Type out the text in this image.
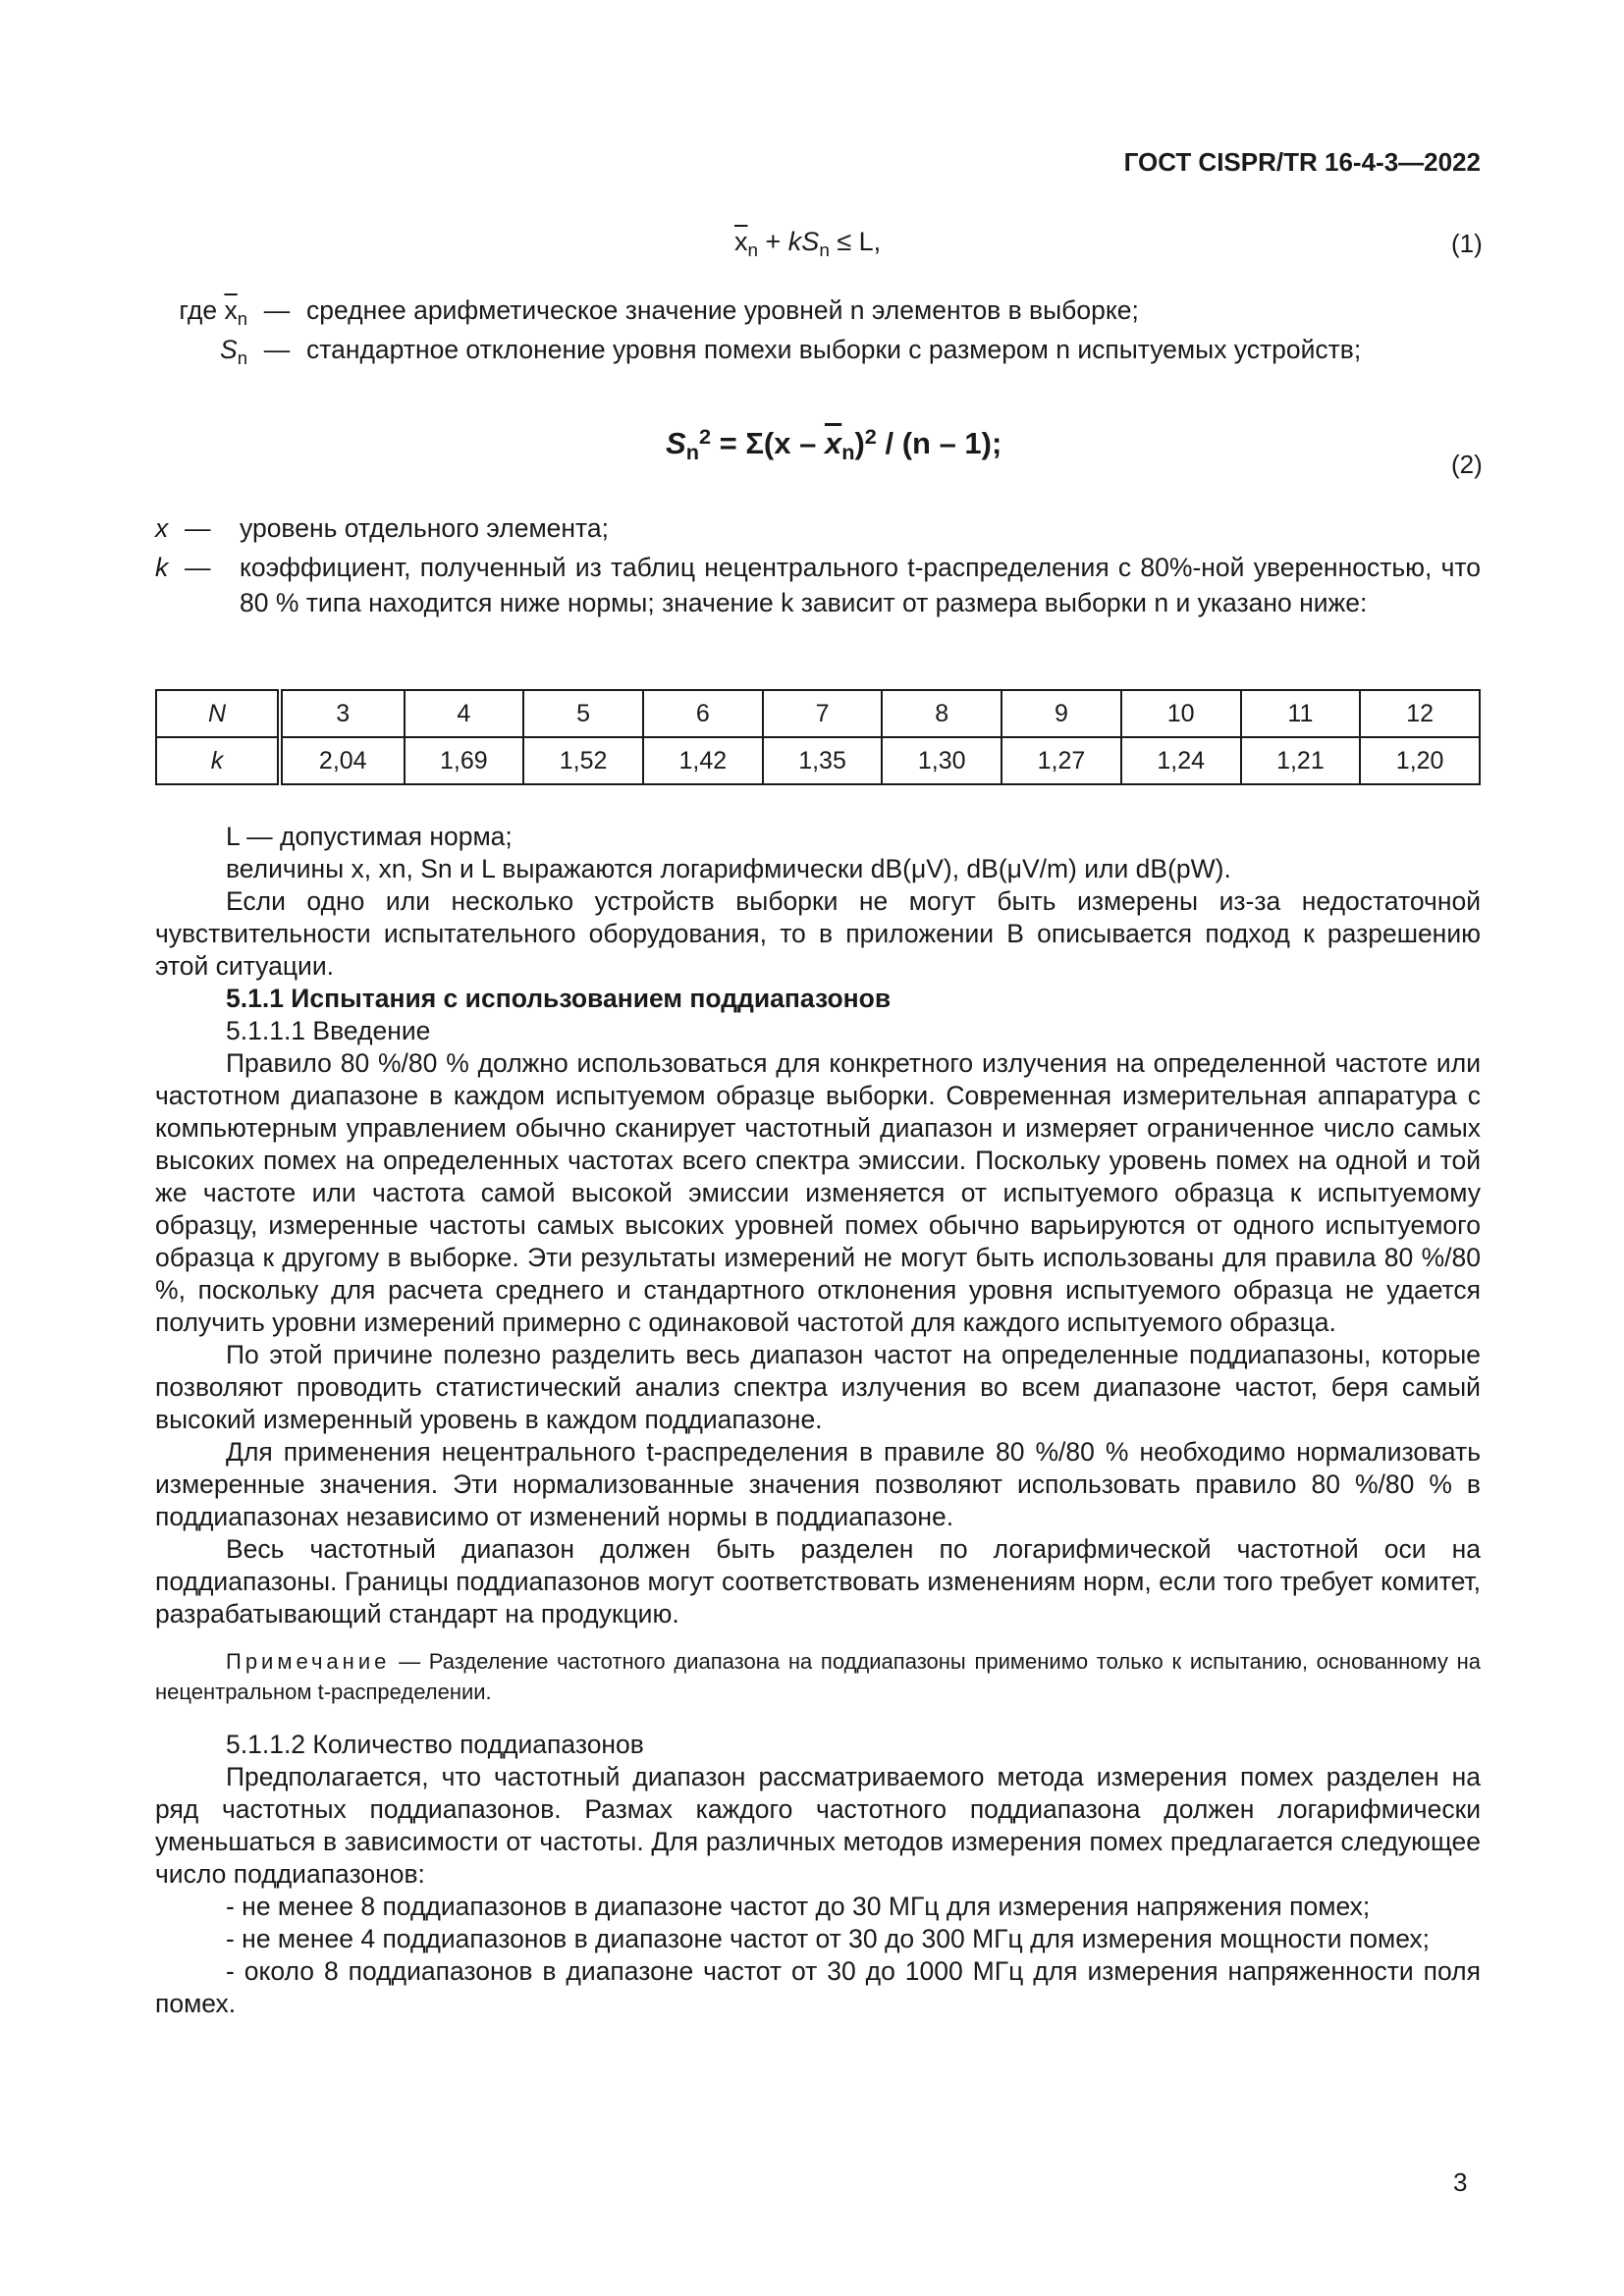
ГОСТ CISPR/TR 16-4-3—2022
$\overline{x}_n + kS_n \le L$,	(1)
где $\overline{x}_n$ — среднее арифметическое значение уровней n элементов в выборке;
$S_n$ — стандартное отклонение уровня помехи выборки с размером n испытуемых устройств;
$S_n^2 = \Sigma(x - \overline{x}_n)^2 / (n - 1)$;
(2)
x —	уровень отдельного элемента;
k —	коэффициент, полученный из таблиц нецентрального t-распределения с 80%-ной уверенностью, что 80 % типа находится ниже нормы; значение k зависит от размера выборки n и указано ниже:
N	3	4	5	6	7	8	9	10	11	12
k	2,04	1,69	1,52	1,42	1,35	1,30	1,27	1,24	1,21	1,20

L — допустимая норма;

величины x, xn, Sn и L выражаются логарифмически dB(μV), dB(μV/m) или dB(pW).

Если одно или несколько устройств выборки не могут быть измерены из-за недостаточной чувствительности испытательного оборудования, то в приложении В описывается подход к разрешению этой ситуации.

5.1.1 Испытания с использованием поддиапазонов

5.1.1.1 Введение

Правило 80 %/80 % должно использоваться для конкретного излучения на определенной частоте или частотном диапазоне в каждом испытуемом образце выборки. Современная измерительная аппаратура с компьютерным управлением обычно сканирует частотный диапазон и измеряет ограниченное число самых высоких помех на определенных частотах всего спектра эмиссии. Поскольку уровень помех на одной и той же частоте или частота самой высокой эмиссии изменяется от испытуемого образца к испытуемому образцу, измеренные частоты самых высоких уровней помех обычно варьируются от одного испытуемого образца к другому в выборке. Эти результаты измерений не могут быть использованы для правила 80 %/80 %, поскольку для расчета среднего и стандартного отклонения уровня испытуемого образца не удается получить уровни измерений примерно с одинаковой частотой для каждого испытуемого образца.

По этой причине полезно разделить весь диапазон частот на определенные поддиапазоны, которые позволяют проводить статистический анализ спектра излучения во всем диапазоне частот, беря самый высокий измеренный уровень в каждом поддиапазоне.

Для применения нецентрального t-распределения в правиле 80 %/80 % необходимо нормализовать измеренные значения. Эти нормализованные значения позволяют использовать правило 80 %/80 % в поддиапазонах независимо от изменений нормы в поддиапазоне.

Весь частотный диапазон должен быть разделен по логарифмической частотной оси на поддиапазоны. Границы поддиапазонов могут соответствовать изменениям норм, если того требует комитет, разрабатывающий стандарт на продукцию.

Примечание — Разделение частотного диапазона на поддиапазоны применимо только к испытанию, основанному на нецентральном t-распределении.

5.1.1.2 Количество поддиапазонов

Предполагается, что частотный диапазон рассматриваемого метода измерения помех разделен на ряд частотных поддиапазонов. Размах каждого частотного поддиапазона должен логарифмически уменьшаться в зависимости от частоты. Для различных методов измерения помех предлагается следующее число поддиапазонов:

- не менее 8 поддиапазонов в диапазоне частот до 30 МГц для измерения напряжения помех;

- не менее 4 поддиапазонов в диапазоне частот от 30 до 300 МГц для измерения мощности помех;

- около 8 поддиапазонов в диапазоне частот от 30 до 1000 МГц для измерения напряженности поля помех.

3
